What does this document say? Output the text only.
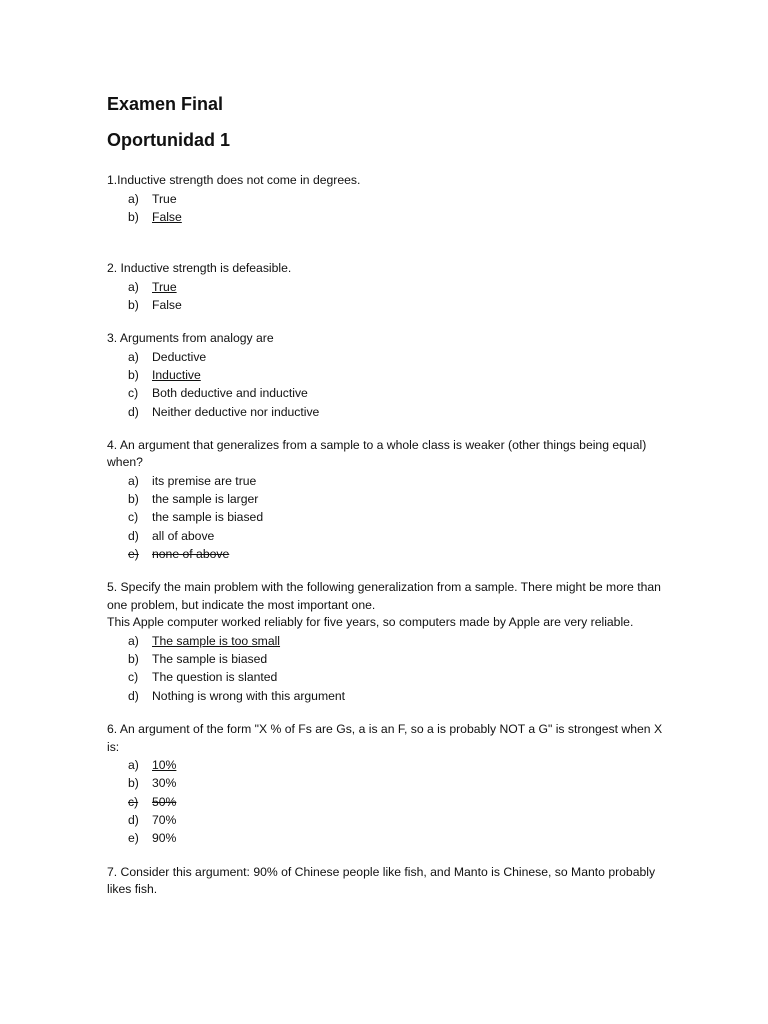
Examen Final
Oportunidad 1

1.Inductive strength does not come in degrees.

a)	True
b)	False

2. Inductive strength is defeasible.

a)	True
b)	False

3. Arguments from analogy are

a)	Deductive
b)	Inductive
c)	Both deductive and inductive
d)	Neither deductive nor inductive

4. An argument that generalizes from a sample to a whole class is weaker (other things being equal) when?

a)	its premise are true
b)	the sample is larger
c)	the sample is biased
d)	all of above
e)	none of above

5. Specify the main problem with the following generalization from a sample. There might be more than one problem, but indicate the most important one.

This Apple computer worked reliably for five years, so computers made by Apple are very reliable.

a)	The sample is too small
b)	The sample is biased
c)	The question is slanted
d)	Nothing is wrong with this argument

6. An argument of the form "X % of Fs are Gs, a is an F, so a is probably NOT a G" is strongest when X is:

a)	10%
b)	30%
c)	50%
d)	70%
e)	90%

7. Consider this argument: 90% of Chinese people like fish, and Manto is Chinese, so Manto probably likes fish.
